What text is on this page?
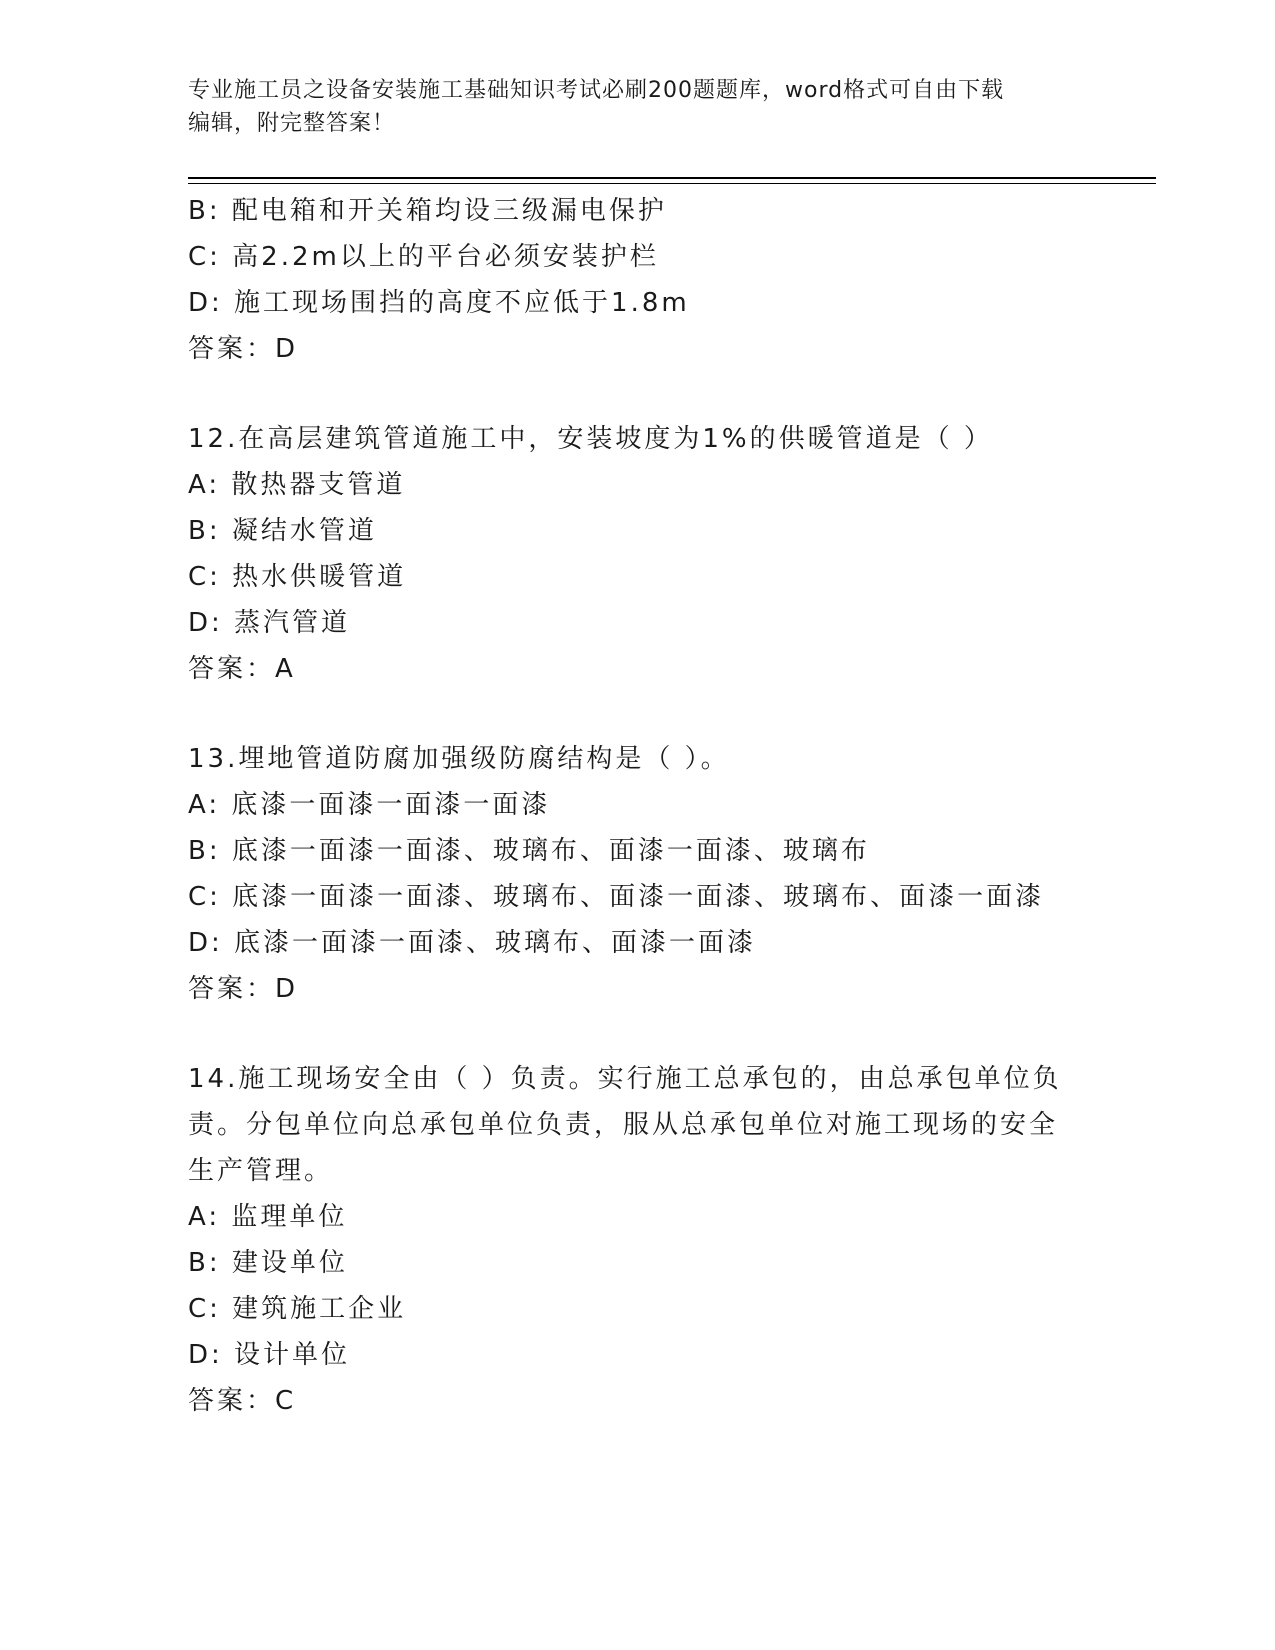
专业施工员之设备安装施工基础知识考试必刷200题题库，word格式可自由下载
编辑，附完整答案！
B: 配电箱和开关箱均设三级漏电保护
C: 高2.2m以上的平台必须安装护栏
D: 施工现场围挡的高度不应低于1.8m
答案：D
12.在高层建筑管道施工中，安装坡度为1%的供暖管道是（ ）
A: 散热器支管道
B: 凝结水管道
C: 热水供暖管道
D: 蒸汽管道
答案：A
13.埋地管道防腐加强级防腐结构是（ ）。
A: 底漆一面漆一面漆一面漆
B: 底漆一面漆一面漆、玻璃布、面漆一面漆、玻璃布
C: 底漆一面漆一面漆、玻璃布、面漆一面漆、玻璃布、面漆一面漆
D: 底漆一面漆一面漆、玻璃布、面漆一面漆
答案：D
14.施工现场安全由（ ）负责。实行施工总承包的，由总承包单位负
责。分包单位向总承包单位负责，服从总承包单位对施工现场的安全
生产管理。
A: 监理单位
B: 建设单位
C: 建筑施工企业
D: 设计单位
答案：C
